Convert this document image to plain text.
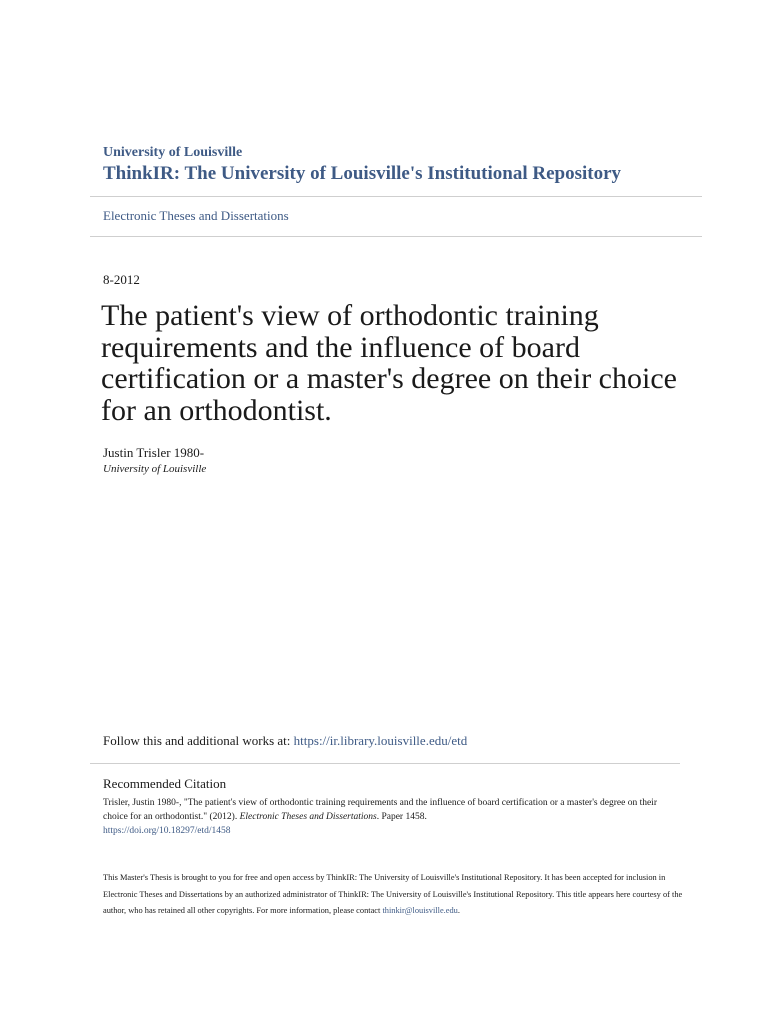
University of Louisville
ThinkIR: The University of Louisville's Institutional Repository
Electronic Theses and Dissertations
8-2012
The patient's view of orthodontic training requirements and the influence of board certification or a master's degree on their choice for an orthodontist.
Justin Trisler 1980-
University of Louisville
Follow this and additional works at: https://ir.library.louisville.edu/etd
Recommended Citation
Trisler, Justin 1980-, "The patient's view of orthodontic training requirements and the influence of board certification or a master's degree on their choice for an orthodontist." (2012). Electronic Theses and Dissertations. Paper 1458.
https://doi.org/10.18297/etd/1458
This Master's Thesis is brought to you for free and open access by ThinkIR: The University of Louisville's Institutional Repository. It has been accepted for inclusion in Electronic Theses and Dissertations by an authorized administrator of ThinkIR: The University of Louisville's Institutional Repository. This title appears here courtesy of the author, who has retained all other copyrights. For more information, please contact thinkir@louisville.edu.
